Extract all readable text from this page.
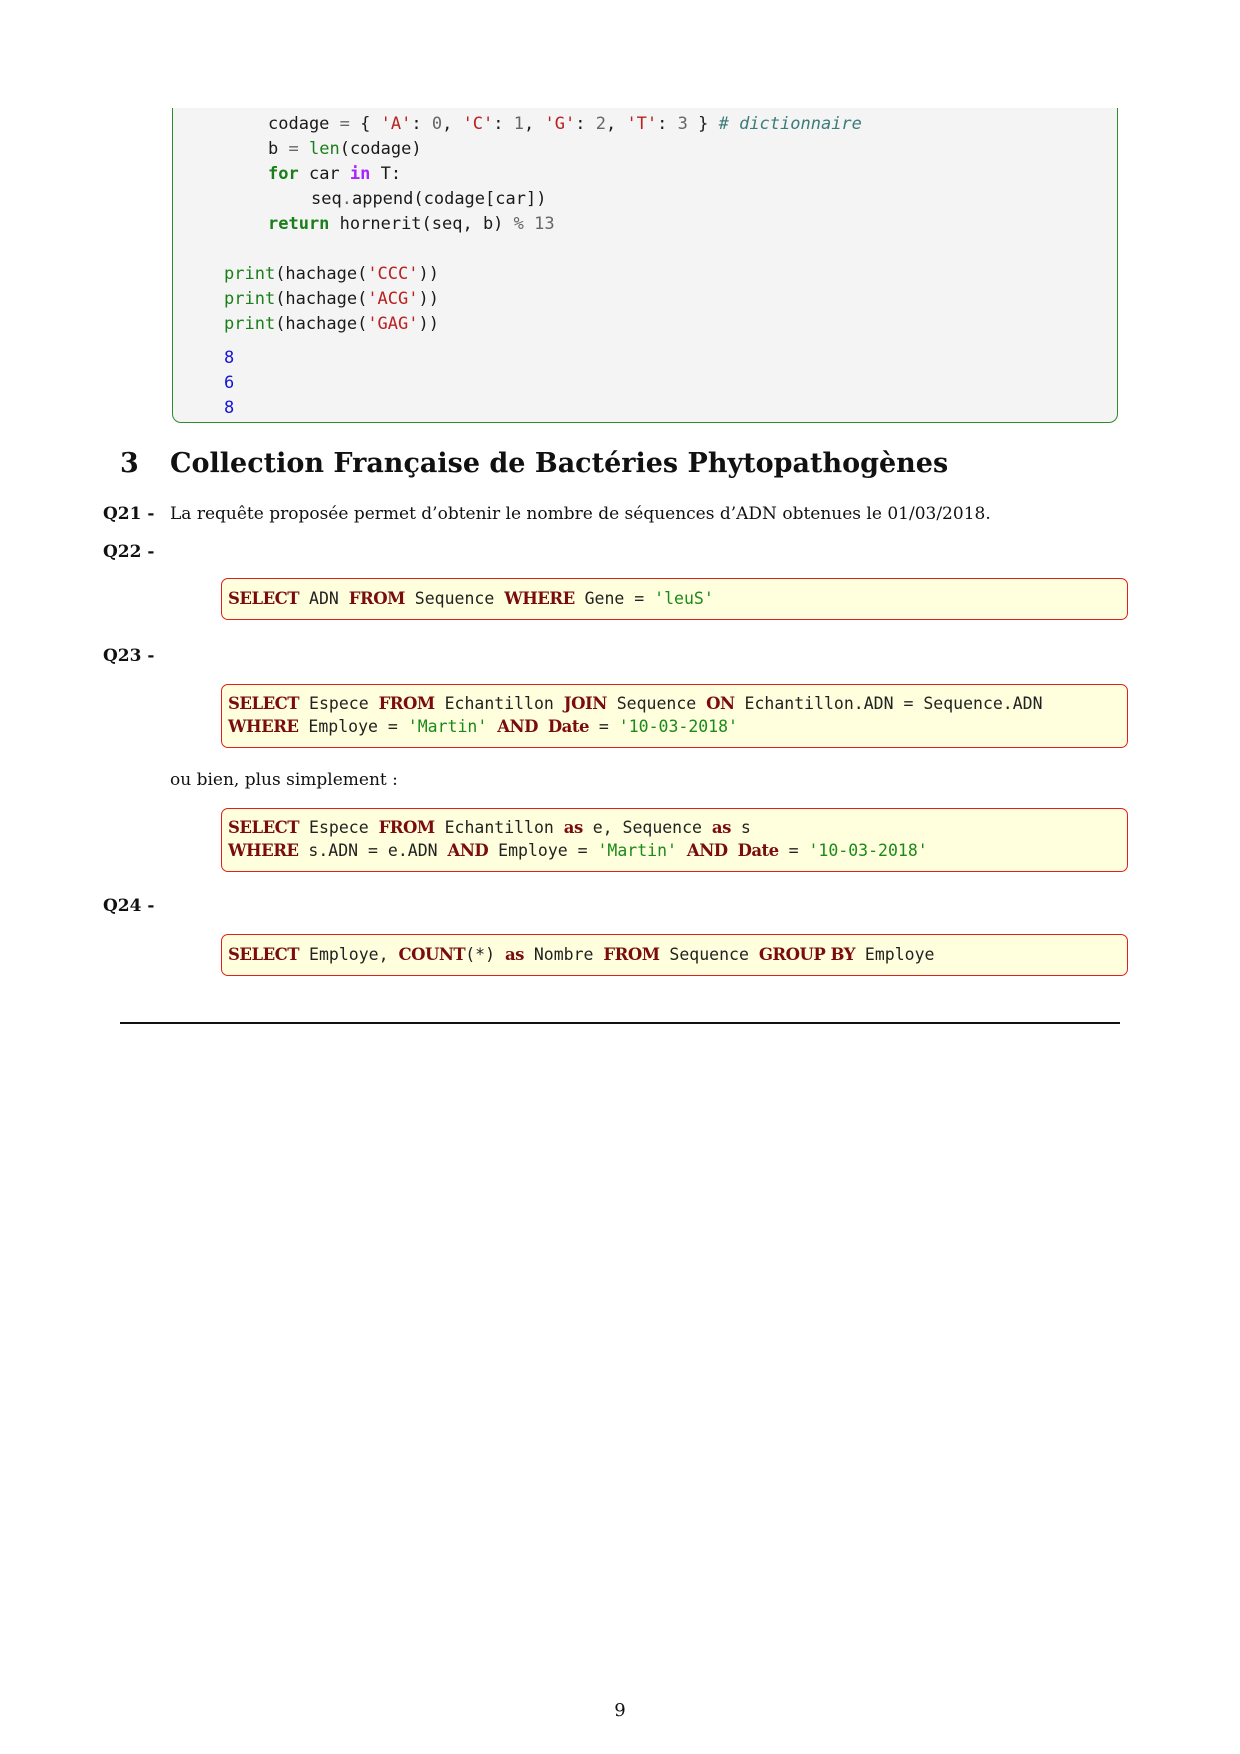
codage = { 'A': 0, 'C': 1, 'G': 2, 'T': 3 } # dictionnaire
b = len(codage)
for car in T:
seq.append(codage[car])
return hornerit(seq, b) % 13
print(hachage('CCC'))
print(hachage('ACG'))
print(hachage('GAG'))
8
6
8
3 Collection Française de Bactéries Phytopathogènes
Q21 - La requête proposée permet d’obtenir le nombre de séquences d’ADN obtenues le 01/03/2018.
Q22 -
SELECT ADN FROM Sequence WHERE Gene = 'leuS'
Q23 -
SELECT Espece FROM Echantillon JOIN Sequence ON Echantillon.ADN = Sequence.ADN
WHERE Employe = 'Martin' AND Date = '10-03-2018'
ou bien, plus simplement :
SELECT Espece FROM Echantillon as e, Sequence as s
WHERE s.ADN = e.ADN AND Employe = 'Martin' AND Date = '10-03-2018'
Q24 -
SELECT Employe, COUNT(*) as Nombre FROM Sequence GROUP BY Employe
9
